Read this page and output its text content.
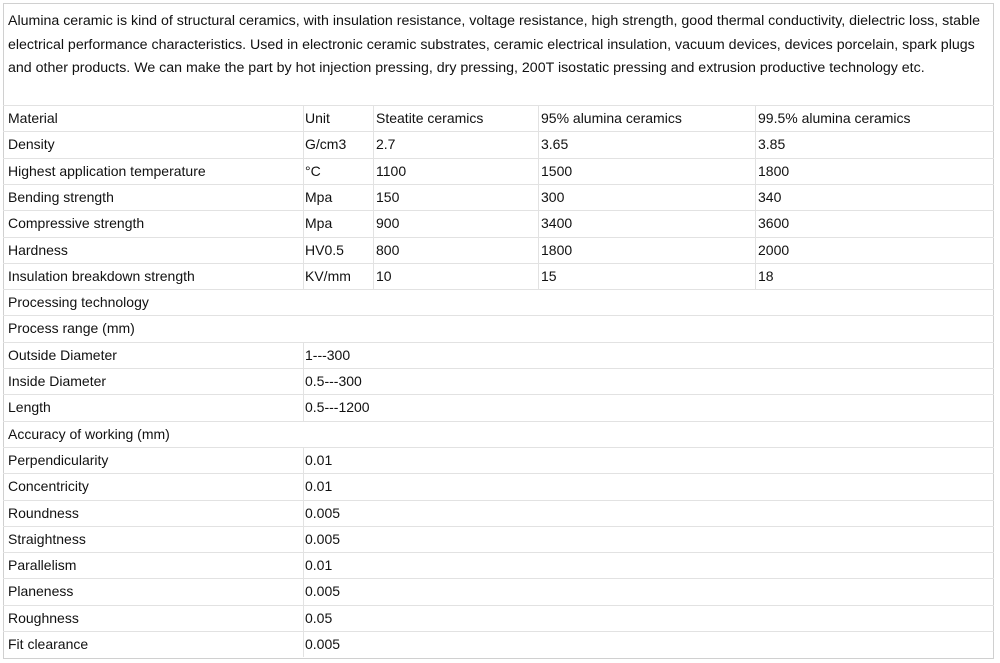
Alumina ceramic is kind of structural ceramics, with insulation resistance, voltage resistance, high strength, good thermal conductivity, dielectric loss, stable electrical performance characteristics. Used in electronic ceramic substrates, ceramic electrical insulation, vacuum devices, devices porcelain, spark plugs and other products. We can make the part by hot injection pressing, dry pressing, 200T isostatic pressing and extrusion productive technology etc.
Material	Unit	Steatite ceramics	95% alumina ceramics	99.5% alumina ceramics
Density	G/cm3 2.7	3.65	3.85
Highest application temperature	°C	1100	1500	1800
Bending strength	Mpa	150	300	340
Compressive strength	Mpa	900	3400	3600
Hardness	HV0.5 800	1800	2000
Insulation breakdown strength	KV/mm 10	15	18
Processing technology
Process range (mm)
Outside Diameter	1---300
Inside Diameter	0.5---300
Length	0.5---1200
Accuracy of working (mm)
Perpendicularity	0.01
Concentricity	0.01
Roundness	0.005
Straightness	0.005
Parallelism	0.01
Planeness	0.005
Roughness	0.05
Fit clearance	0.005
